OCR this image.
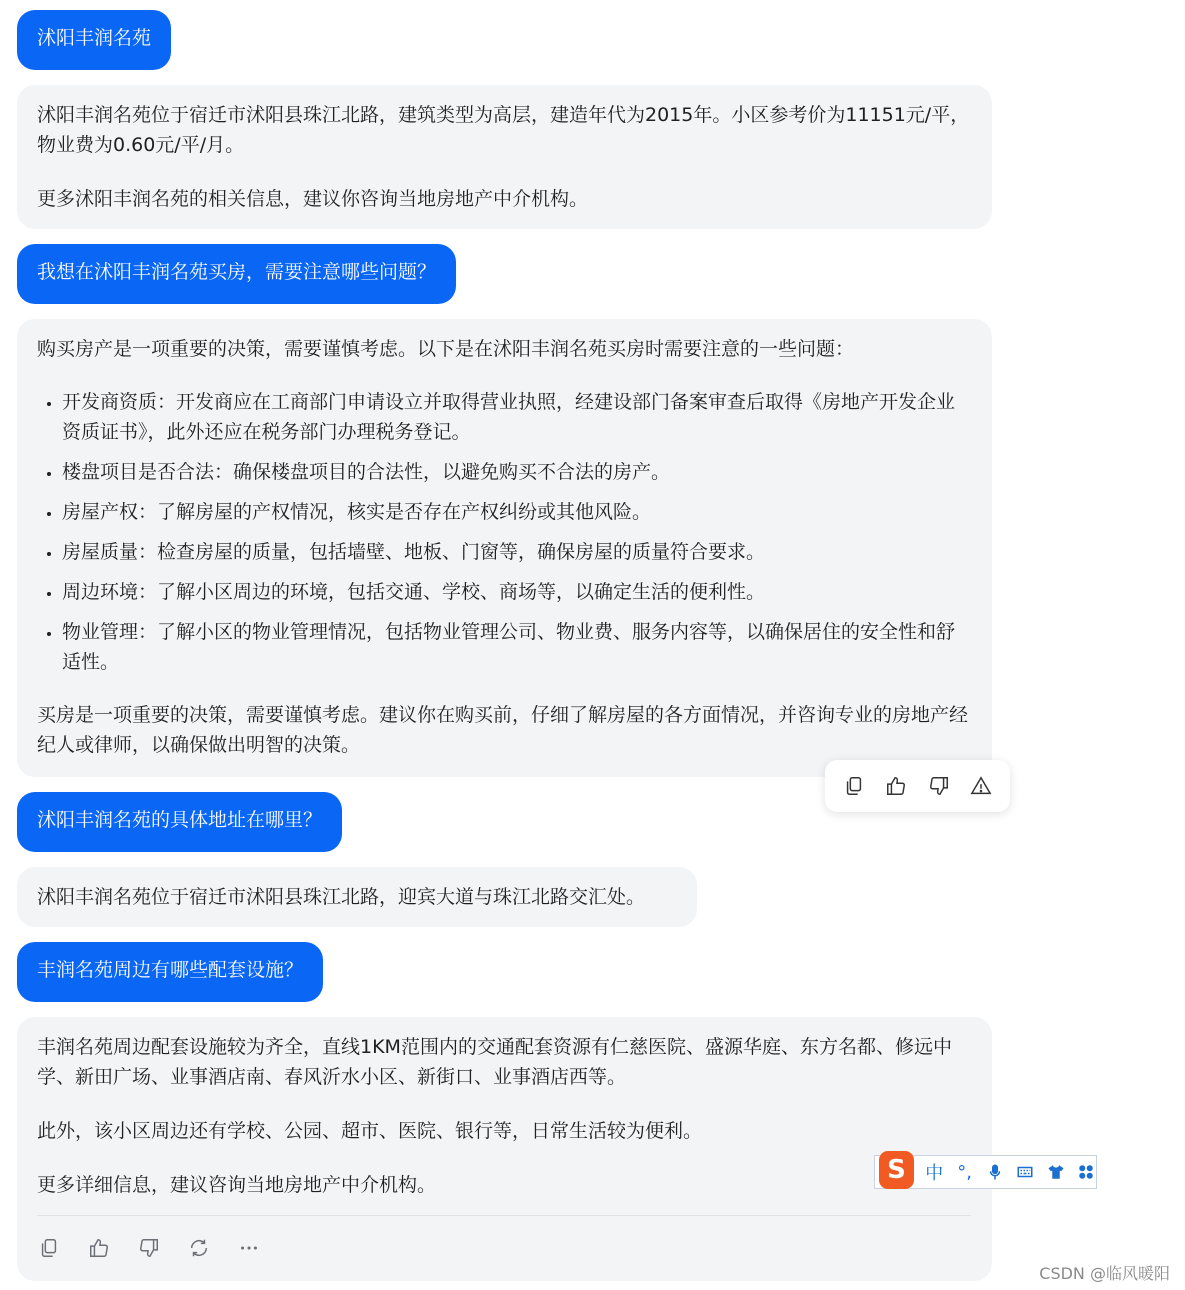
沭阳丰润名苑

沭阳丰润名苑位于宿迁市沭阳县珠江北路，建筑类型为高层，建造年代为2015年。小区参考价为11151元/平，物业费为0.60元/平/月。

更多沭阳丰润名苑的相关信息，建议你咨询当地房地产中介机构。

我想在沭阳丰润名苑买房，需要注意哪些问题？

购买房产是一项重要的决策，需要谨慎考虑。以下是在沭阳丰润名苑买房时需要注意的一些问题：

• 开发商资质：开发商应在工商部门申请设立并取得营业执照，经建设部门备案审查后取得《房地产开发企业资质证书》，此外还应在税务部门办理税务登记。
• 楼盘项目是否合法：确保楼盘项目的合法性，以避免购买不合法的房产。
• 房屋产权：了解房屋的产权情况，核实是否存在产权纠纷或其他风险。
• 房屋质量：检查房屋的质量，包括墙壁、地板、门窗等，确保房屋的质量符合要求。
• 周边环境：了解小区周边的环境，包括交通、学校、商场等，以确定生活的便利性。
• 物业管理：了解小区的物业管理情况，包括物业管理公司、物业费、服务内容等，以确保居住的安全性和舒适性。

买房是一项重要的决策，需要谨慎考虑。建议你在购买前，仔细了解房屋的各方面情况，并咨询专业的房地产经纪人或律师，以确保做出明智的决策。

沭阳丰润名苑的具体地址在哪里？

沭阳丰润名苑位于宿迁市沭阳县珠江北路，迎宾大道与珠江北路交汇处。

丰润名苑周边有哪些配套设施？

丰润名苑周边配套设施较为齐全，直线1KM范围内的交通配套资源有仁慈医院、盛源华庭、东方名都、修远中学、新田广场、业事酒店南、春风沂水小区、新街口、业事酒店西等。

此外，该小区周边还有学校、公园、超市、医院、银行等，日常生活较为便利。

更多详细信息，建议咨询当地房地产中介机构。	S	中 °,
CSDN @临风暖阳
